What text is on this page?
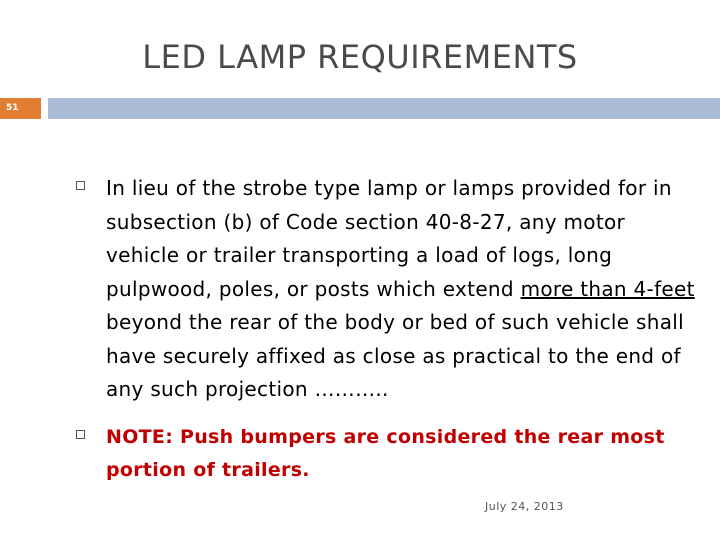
LED LAMP REQUIREMENTS
51
In lieu of the strobe type lamp or lamps provided for in subsection (b) of Code section 40-8-27, any motor vehicle or trailer transporting a load of logs, long pulpwood, poles, or posts which extend more than 4-feet beyond the rear of the body or bed of such vehicle shall have securely affixed as close as practical to the end of any such projection ………..
NOTE: Push bumpers are considered the rear most portion of trailers.
July 24, 2013
